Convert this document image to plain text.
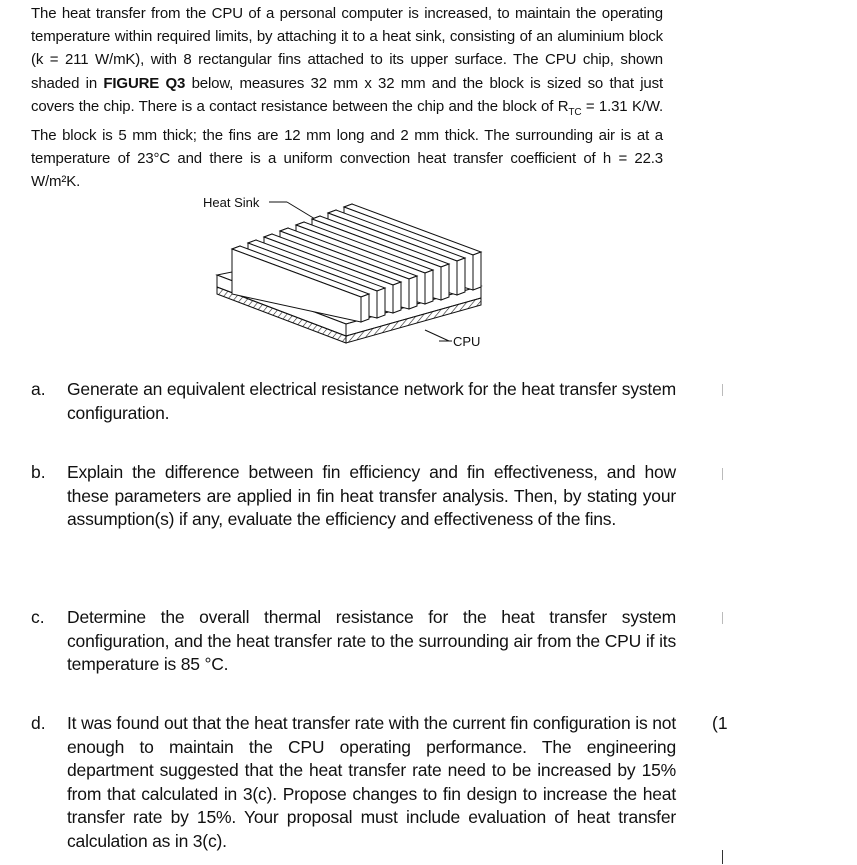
The heat transfer from the CPU of a personal computer is increased, to maintain the operating temperature within required limits, by attaching it to a heat sink, consisting of an aluminium block (k = 211 W/mK), with 8 rectangular fins attached to its upper surface. The CPU chip, shown shaded in FIGURE Q3 below, measures 32 mm x 32 mm and the block is sized so that just covers the chip. There is a contact resistance between the chip and the block of $R_{TC} = 1.31$ K/W. The block is 5 mm thick; the fins are 12 mm long and 2 mm thick. The surrounding air is at a temperature of 23°C and there is a uniform convection heat transfer coefficient of h = 22.3 W/m²K.

Heat Sink
CPU
a.	Generate an equivalent electrical resistance network for the heat transfer system configuration.
b.	Explain the difference between fin efficiency and fin effectiveness, and how these parameters are applied in fin heat transfer analysis. Then, by stating your assumption(s) if any, evaluate the efficiency and effectiveness of the fins.
c.	Determine the overall thermal resistance for the heat transfer system configuration, and the heat transfer rate to the surrounding air from the CPU if its temperature is 85 °C.
d.	It was found out that the heat transfer rate with the current fin configuration is not enough to maintain the CPU operating performance. The engineering department suggested that the heat transfer rate need to be increased by 15% from that calculated in 3(c). Propose changes to fin design to increase the heat transfer rate by 15%. Your proposal must include evaluation of heat transfer calculation as in 3(c).
(1
